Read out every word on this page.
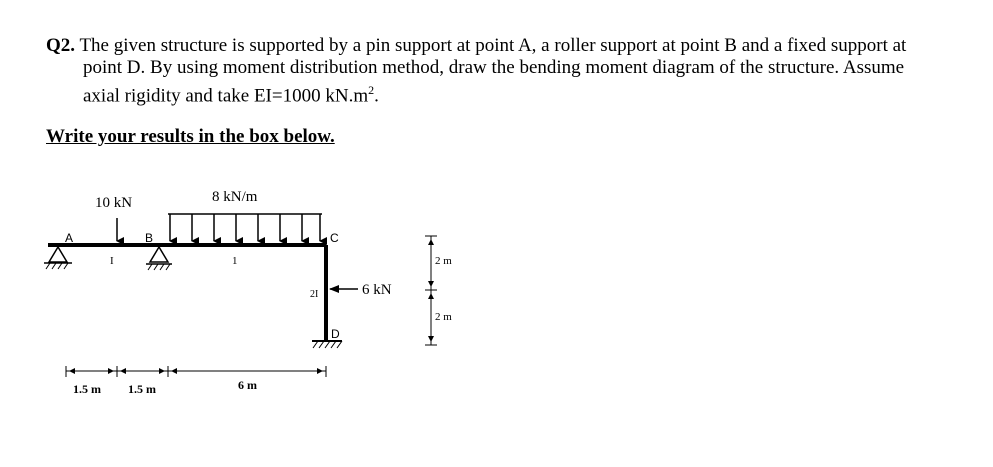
Q2. The given structure is supported by a pin support at point A, a roller support at point B and a fixed support at
point D. By using moment distribution method, draw the bending moment diagram of the structure. Assume
axial rigidity and take EI=1000 $kN.m^2$.
Write your results in the box below.
10 kN	8 kN/m
A	B	C
D
I	1
2I	6 kN
2 m
2 m
1.5 m 1.5 m	6 m
